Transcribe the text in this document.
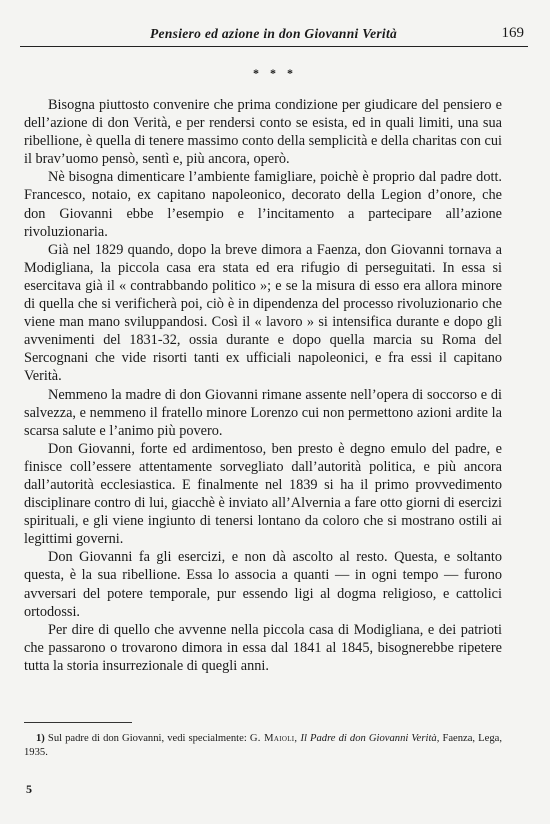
Pensiero ed azione in don Giovanni Verità	169
* * *

Bisogna piuttosto convenire che prima condizione per giudicare del pensiero e dell’azione di don Verità, e per rendersi conto se esista, ed in quali limiti, una sua ribellione, è quella di tenere massimo conto della semplicità e della charitas con cui il brav’uomo pensò, sentì e, più ancora, operò.

Nè bisogna dimenticare l’ambiente famigliare, poichè è proprio dal padre dott. Francesco, notaio, ex capitano napoleonico, decorato della Legion d’onore, che don Giovanni ebbe l’esempio e l’incitamento a partecipare all’azione rivoluzionaria.

Già nel 1829 quando, dopo la breve dimora a Faenza, don Giovanni tornava a Modigliana, la piccola casa era stata ed era rifugio di perseguitati. In essa si esercitava già il « contrabbando politico »; e se la misura di esso era allora minore di quella che si verificherà poi, ciò è in dipendenza del processo rivoluzionario che viene man mano sviluppandosi. Così il « lavoro » si intensifica durante e dopo gli avvenimenti del 1831-32, ossia durante e dopo quella marcia su Roma del Sercognani che vide risorti tanti ex ufficiali napoleonici, e fra essi il capitano Verità.

Nemmeno la madre di don Giovanni rimane assente nell’opera di soccorso e di salvezza, e nemmeno il fratello minore Lorenzo cui non permettono azioni ardite la scarsa salute e l’animo più povero.

Don Giovanni, forte ed ardimentoso, ben presto è degno emulo del padre, e finisce coll’essere attentamente sorvegliato dall’autorità politica, e più ancora dall’autorità ecclesiastica. E finalmente nel 1839 si ha il primo provvedimento disciplinare contro di lui, giacchè è inviato all’Alvernia a fare otto giorni di esercizi spirituali, e gli viene ingiunto di tenersi lontano da coloro che si mostrano ostili ai legittimi governi.

Don Giovanni fa gli esercizi, e non dà ascolto al resto. Questa, e soltanto questa, è la sua ribellione. Essa lo associa a quanti — in ogni tempo — furono avversari del potere temporale, pur essendo ligi al dogma religioso, e cattolici ortodossi.

Per dire di quello che avvenne nella piccola casa di Modigliana, e dei patrioti che passarono o trovarono dimora in essa dal 1841 al 1845, bisognerebbe ripetere tutta la storia insurrezionale di quegli anni.

1) Sul padre di don Giovanni, vedi specialmente: G. Maioli, Il Padre di don Giovanni Verità, Faenza, Lega, 1935.
5
